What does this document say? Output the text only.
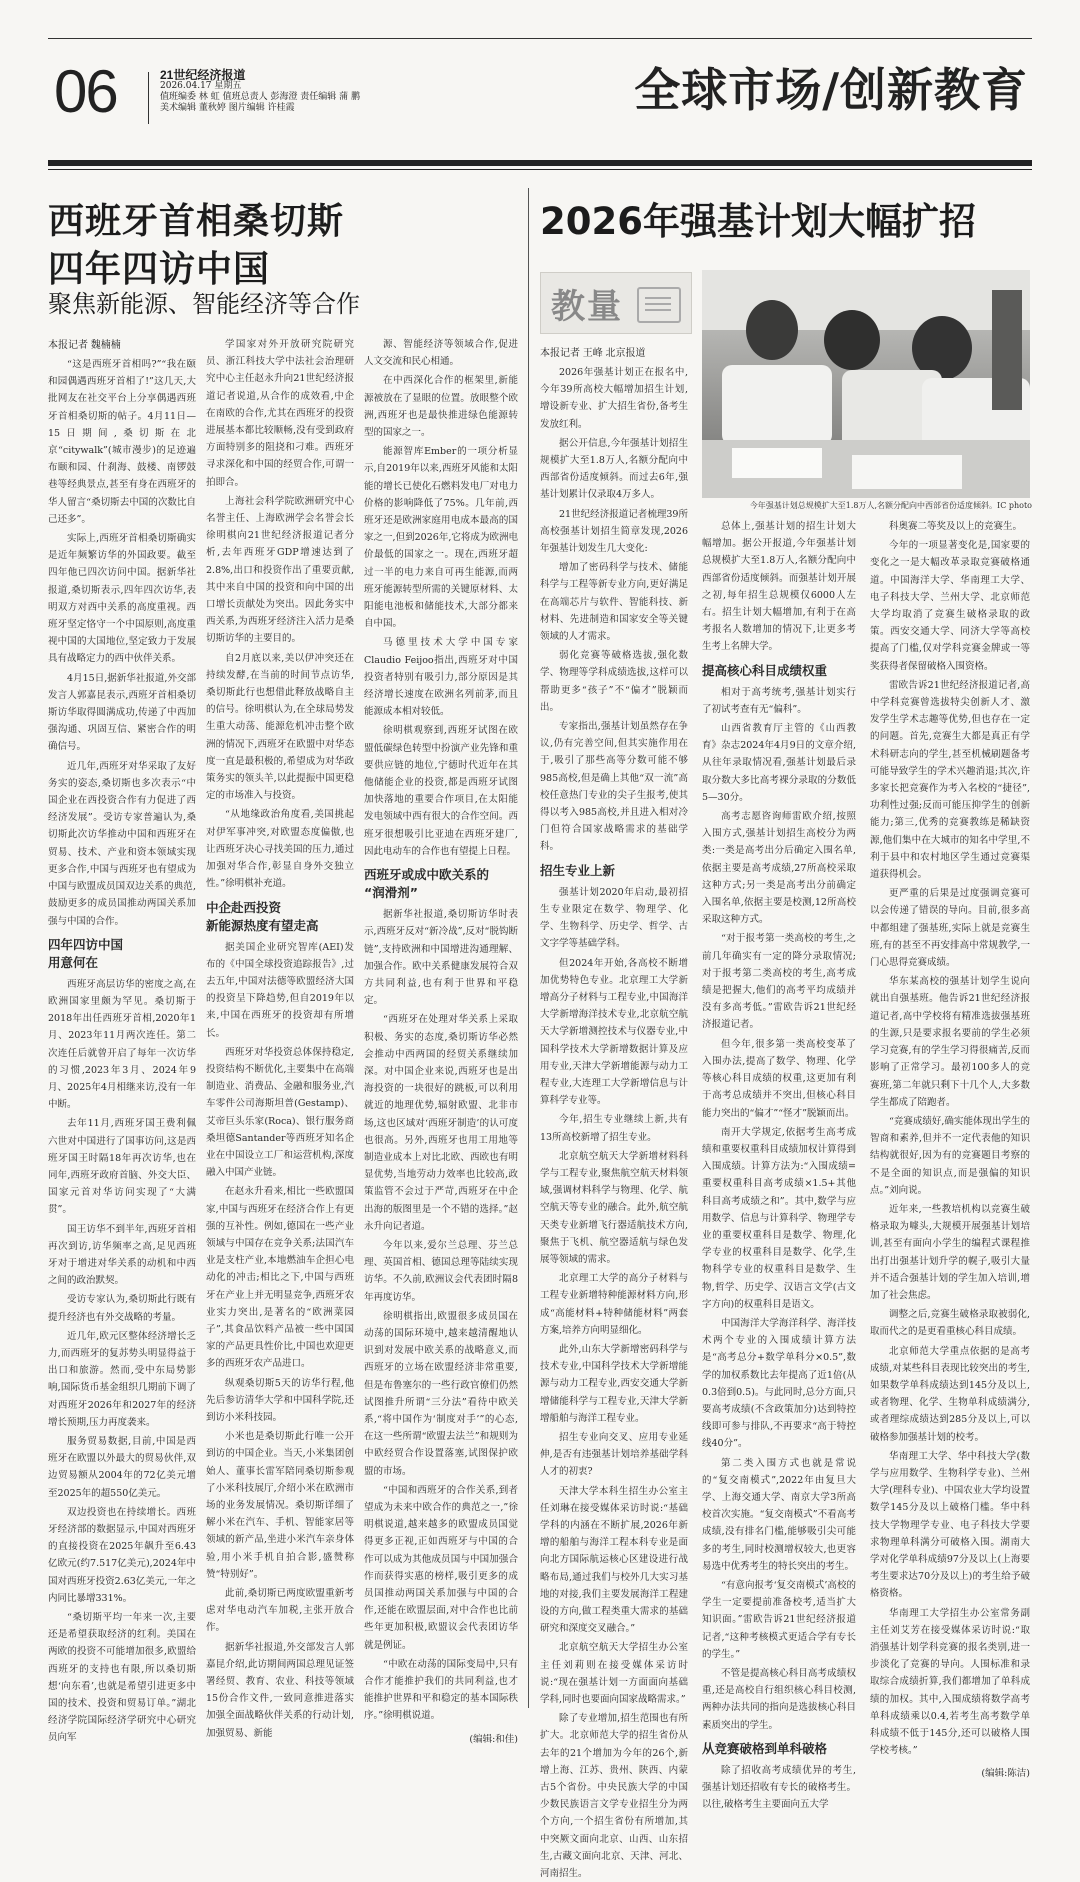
06	21世纪经济报道
2026.04.17 星期五
值班编委 林 虹 值班总责人 彭海澄 责任编辑 蒲 鹏
美术编辑 董秋婷 图片编辑 许桂霞	全球市场/创新教育
西班牙首相桑切斯
四年四访中国
聚焦新能源、智能经济等合作
本报记者 魏楠楠

“这是西班牙首相吗?”“我在颐和园偶遇西班牙首相了!”这几天,大批网友在社交平台上分享偶遇西班牙首相桑切斯的帖子。4月11日—15日期间,桑切斯在北京“citywalk”(城市漫步)的足迹遍布颐和园、什刹海、鼓楼、南锣鼓巷等经典景点,甚至有身在西班牙的华人留言“桑切斯去中国的次数比自己还多”。

实际上,西班牙首相桑切斯确实是近年频繁访华的外国政要。截至四年他已四次访问中国。据新华社报道,桑切斯表示,四年四次访华,表明双方对西中关系的高度重视。西班牙坚定恪守一个中国原则,高度重视中国的大国地位,坚定致力于发展具有战略定力的西中伙伴关系。

4月15日,据新华社报道,外交部发言人郭嘉昆表示,西班牙首相桑切斯访华取得圆满成功,传递了中西加强沟通、巩固互信、紧密合作的明确信号。

近几年,西班牙对华采取了友好务实的姿态,桑切斯也多次表示“中国企业在西投资合作有力促进了西经济发展”。受访专家普遍认为,桑切斯此次访华推动中国和西班牙在贸易、技术、产业和资本领域实现更多合作,中国与西班牙也有望成为中国与欧盟成员国双边关系的典范,鼓励更多的成员国推动两国关系加强与中国的合作。

四年四访中国
用意何在

西班牙高层访华的密度之高,在欧洲国家里颇为罕见。桑切斯于2018年出任西班牙首相,2020年1月、2023年11月两次连任。第二次连任后就曾开启了每年一次访华的习惯,2023年3月、2024年9月、2025年4月相继来访,没有一年中断。

去年11月,西班牙国王费利佩六世对中国进行了国事访问,这是西班牙国王时隔18年再次访华,也在同年,西班牙政府首脑、外交大臣、国家元首对华访问实现了“大满贯”。

国王访华不到半年,西班牙首相再次到访,访华频率之高,足见西班牙对于增进对华关系的动机和中西之间的政治默契。

受访专家认为,桑切斯此行既有提升经济也有外交战略的考量。

近几年,欧元区整体经济增长乏力,而西班牙的复苏势头明显得益于出口和旅游。然而,受中东局势影响,国际货币基金组织几期前下调了对西班牙2026年和2027年的经济增长预期,压力再度袭来。

服务贸易数据,目前,中国是西班牙在欧盟以外最大的贸易伙伴,双边贸易额从2004年的72亿美元增至2025年的超550亿美元。

双边投资也在持续增长。西班牙经济部的数据显示,中国对西班牙的直接投资在2025年飙升至6.43亿欧元(约7.517亿美元),2024年中国对西班牙投资2.63亿美元,一年之内同比暴增331%。

“桑切斯平均一年来一次,主要还是希望获取经济的红利。美国在两欧的投资不可能增加很多,欧盟给西班牙的支持也有限,所以桑切斯想‘向东看’,也就是希望引进更多中国的技术、投资和贸易订单。”湖北经济学院国际经济学研究中心研究员向军

学国家对外开放研究院研究员、浙江科技大学中法社会治理研究中心主任赵永升向21世纪经济报道记者说道,从合作的成效看,中企在南欧的合作,尤其在西班牙的投资进展基本都比较顺畅,没有受到政府方面特别多的阻挠和刁难。西班牙寻求深化和中国的经贸合作,可谓一拍即合。

上海社会科学院欧洲研究中心名誉主任、上海欧洲学会名誉会长徐明棋向21世纪经济报道记者分析,去年西班牙GDP增速达到了2.8%,出口和投资作出了重要贡献,其中来自中国的投资和向中国的出口增长贡献处为突出。因此务实中西关系,为西班牙经济注入活力是桑切斯访华的主要目的。

自2月底以来,美以伊冲突还在持续发酵,在当前的时间节点访华,桑切斯此行也想借此释放战略自主的信号。徐明棋认为,在全球局势发生重大动荡、能源危机冲击整个欧洲的情况下,西班牙在欧盟中对华态度一直是最积极的,希望成为对华政策务实的领头羊,以此提振中国更稳定的市场准入与投资。

“从地缘政治角度看,美国挑起对伊军事冲突,对欧盟态度偏傲,也让西班牙决心寻找美国的压力,通过加强对华合作,彰显自身外交独立性。”徐明棋补充道。

中企赴西投资
新能源热度有望走高

据美国企业研究智库(AEI)发布的《中国全球投资追踪报告》,过去五年,中国对法德等欧盟经济大国的投资呈下降趋势,但自2019年以来,中国在西班牙的投资却有所增长。

西班牙对华投资总体保持稳定,投资结构不断优化,主要集中在高端制造业、消费品、金融和服务业,汽车零件公司海斯坦普(Gestamp)、艾帝巨头乐家(Roca)、银行服务商桑坦德Santander等西班牙知名企业在中国设立工厂和运营机构,深度融入中国产业链。

在赵永升看来,相比一些欧盟国家,中国与西班牙在经济合作上有更强的互补性。例如,德国在一些产业领域与中国存在竞争关系;法国汽车业是支柱产业,本地燃油车企担心电动化的冲击;相比之下,中国与西班牙在产业上并无明显竞争,西班牙农业实力突出,是著名的“欧洲菜园子”,其食品饮料产品被一些中国国家的产品更具性价比,中国也欢迎更多的西班牙农产品进口。

纵观桑切斯5天的访华行程,他先后参访清华大学和中国科学院,还到访小米科技园。

小米也是桑切斯此行唯一公开到访的中国企业。当天,小米集团创始人、董事长雷军陪同桑切斯参观了小米科技展厅,介绍小米在欧洲市场的业务发展情况。桑切斯详细了解小米在汽车、手机、智能家居等领域的新产品,坐进小米汽车亲身体验,用小米手机自拍合影,盛赞称赞“特别好”。

此前,桑切斯已两度欧盟重新考虑对华电动汽车加税,主张开放合作。

据新华社报道,外交部发言人郭嘉昆介绍,此访期间两国总理见证签署经贸、教育、农业、科技等领域15份合作文件,一致同意推进落实加强全面战略伙伴关系的行动计划,加强贸易、新能

源、智能经济等领域合作,促进人文交流和民心相通。

在中西深化合作的框架里,新能源被放在了显眼的位置。放眼整个欧洲,西班牙也是最快推进绿色能源转型的国家之一。

能源智库Ember的一项分析显示,自2019年以来,西班牙风能和太阳能的增长已使化石燃料发电厂对电力价格的影响降低了75%。几年前,西班牙还是欧洲家庭用电成本最高的国家之一,但到2026年,它将成为欧洲电价最低的国家之一。现在,西班牙超过一半的电力来自可再生能源,而两班牙能源转型所需的关键原材料、太阳能电池板和储能技术,大部分都来自中国。

马德里技术大学中国专家Claudio Feijoo指出,西班牙对中国投资者特别有吸引力,部分原因是其经济增长速度在欧洲名列前茅,而且能源成本相对较低。

徐明棋观察到,西班牙试图在欧盟低碳绿色转型中扮演产业先锋和重要供应链的地位,宁德时代近年在其他储能企业的投资,都是西班牙试图加快落地的重要合作项目,在太阳能发电领域中西有很大的合作空间。西班牙很想吸引比亚迪在西班牙建厂,因此电动车的合作也有望提上日程。

西班牙或成中欧关系的
“润滑剂”

据新华社报道,桑切斯访华时表示,西班牙反对“新冷战”,反对“脱钩断链”,支持欧洲和中国增进沟通理解、加强合作。欧中关系健康发展符合双方共同利益,也有利于世界和平稳定。

“西班牙在处理对华关系上采取积极、务实的态度,桑切斯访华必然会推动中西两国的经贸关系继续加深。对中国企业来说,西班牙也是出海投资的一块很好的跳板,可以利用就近的地理优势,辐射欧盟、北非市场,这也区域对‘西班牙制造’的认可度也很高。另外,西班牙也用工用地等制造业成本上对比北欧、西欧也有明显优势,当地劳动力效率也比较高,政策监管不会过于严苛,西班牙在中企出海的版图里是一个不错的选择。”赵永升向记者道。

今年以来,爱尔兰总理、芬兰总理、英国首相、德国总理等陆续实现访华。不久前,欧洲议会代表团时隔8年再度访华。

徐明棋指出,欧盟很多成员国在动荡的国际环境中,越来越清醒地认识到对发展中欧关系的战略意义,而西班牙的立场在欧盟经济非常重要,但是布鲁塞尔的一些行政官僚们仍然试图推升所谓“三分法”看待中欧关系,“将中国作为‘制度对手’”的心态,在这一些所谓“欧盟去法兰”和规则为中欧经贸合作设置落塞,试图保护欧盟的市场。

“中国和西班牙的合作关系,到者望成为未来中欧合作的典范之一,”徐明棋说道,越来越多的欧盟成员国觉得更多正视,正如西班牙与中国的合作可以成为其他成员国与中国加强合作而获得实惠的榜样,吸引更多的成员国推动两国关系加强与中国的合作,还能在欧盟层面,对中合作也比前些年更加积极,欧盟议会代表团访华就是例证。

“中欧在动荡的国际变局中,只有合作才能推护我们的共同利益,也才能推护世界和平和稳定的基本国际秩序。”徐明棋说道。

(编辑:和佳)
2026年强基计划大幅扩招
教量
本报记者 王峰 北京报道
今年强基计划总规模扩大至1.8万人,名额分配向中西部省份适度倾斜。IC photo

2026年强基计划正在报名中,今年39所高校大幅增加招生计划,增设新专业、扩大招生省份,备考生发放红利。

据公开信息,今年强基计划招生规模扩大至1.8万人,名额分配向中西部省份适度倾斜。而过去6年,强基计划累计仅录取4万多人。

21世纪经济报道记者梳理39所高校强基计划招生简章发现,2026年强基计划发生几大变化:

增加了密码科学与技术、储能科学与工程等新专业方向,更好满足在高端芯片与软件、智能科技、新材料、先进制造和国家安全等关键领域的人才需求。

弱化竞赛等破格选拔,强化数学、物理等学科成绩选拔,这样可以帮助更多“孩子”不“偏才”脱颖而出。

专家指出,强基计划虽然存在争议,仍有完善空间,但其实施作用在于,吸引了那些高等分数可能不够985高校,但是确上其他“双一流”高校任意热门专业的尖子生报考,使其得以考入985高校,并且进入相对冷门但符合国家战略需求的基础学科。

招生专业上新

强基计划2020年启动,最初招生专业限定在数学、物理学、化学、生物科学、历史学、哲学、古文字学等基础学科。

但2024年开始,各高校不断增加优势特色专业。北京理工大学新增高分子材料与工程专业,中国海洋大学新增海洋技术专业,北京航空航天大学新增测控技术与仪器专业,中国科学技术大学新增数据计算及应用专业,天津大学新增能源与动力工程专业,大连理工大学新增信息与计算科学专业等。

今年,招生专业继续上新,共有13所高校新增了招生专业。

北京航空航天大学新增材料科学与工程专业,聚焦航空航天材料领域,强调材料科学与物理、化学、航空航天等专业的融合。此外,航空航天类专业新增飞行器适航技术方向,聚焦于飞机、航空器适航与绿色发展等领域的需求。

北京理工大学的高分子材料与工程专业新增特种能源材料方向,形成“高能材料+特种储能材料”两套方案,培养方向明显细化。

此外,山东大学新增密码科学与技术专业,中国科学技术大学新增能源与动力工程专业,西安交通大学新增储能科学与工程专业,天津大学新增船舶与海洋工程专业。

招生专业向交叉、应用专业延伸,是否有违强基计划培养基础学科人才的初衷?

天津大学本科生招生办公室主任刘琳在接受媒体采访时说:“基础学科的内涵在不断扩展,2026年新增的船舶与海洋工程本科专业是面向北方国际航运核心区建设进行战略布局,通过我们与校外几大实习基地的对接,我们主要发展海洋工程建设的方向,做工程类重大需求的基础研究和深度交叉融合。”

北京航空航天大学招生办公室主任刘莉则在接受媒体采访时说:“现在强基计划一方面面向基础学科,同时也要面向国家战略需求。”

除了专业增加,招生范围也有所扩大。北京师范大学的招生省份从去年的21个增加为今年的26个,新增上海、江苏、贵州、陕西、内蒙古5个省份。中央民族大学的中国少数民族语言文学专业招生分为两个方向,一个招生省份有所增加,其中突厥文面向北京、山西、山东招生,古藏文面向北京、天津、河北、河南招生。

总体上,强基计划的招生计划大幅增加。据公开报道,今年强基计划总规模扩大至1.8万人,名额分配向中西部省份适度倾斜。而强基计划开展之初,每年招生总规模仅6000人左右。招生计划大幅增加,有利于在高考报名人数增加的情况下,让更多考生考上名牌大学。

提高核心科目成绩权重

相对于高考统考,强基计划实行了初试考查有无“偏科”。

山西省教育厅主管的《山西教育》杂志2024年4月9日的文章介绍,从往年录取情况看,强基计划最后录取分数大多比高考裸分录取的分数低5—30分。

高考志愿咨询师雷欧介绍,按照入围方式,强基计划招生高校分为两类:一类是高考出分后确定入围名单,依据主要是高考成绩,27所高校采取这种方式;另一类是高考出分前确定入围名单,依据主要是校测,12所高校采取这种方式。

“对于报考第一类高校的考生,之前几年确实有一定的降分录取情况;对于报考第二类高校的考生,高考成绩是把握大,他们的高考平均成绩并没有多高考低。”雷欧告诉21世纪经济报道记者。

但今年,很多第一类高校变革了入围办法,提高了数学、物理、化学等核心科目成绩的权重,这更加有利于高考总成绩并不突出,但核心科目能力突出的“偏才”“怪才”脱颖而出。

南开大学规定,依据考生高考成绩和重要权重科目成绩加权计算得到入围成绩。计算方法为:“入围成绩=重要权重科目高考成绩×1.5+其他科目高考成绩之和”。其中,数学与应用数学、信息与计算科学、物理学专业的重要权重科目是数学、物理,化学专业的权重科目是数学、化学,生物科学专业的权重科目是数学、生物,哲学、历史学、汉语言文学(古文字方向)的权重科目是语文。

中国海洋大学海洋科学、海洋技术两个专业的入围成绩计算方法是“高考总分+数学单科分×0.5”,数学的加权系数比去年提高了近1倍(从0.3倍到0.5)。与此同时,总分方面,只要高考成绩(不含政策加分)达到特控线即可参与排队,不再要求“高于特控线40分”。

第二类入围方式也就是常说的“复交南模式”,2022年由复旦大学、上海交通大学、南京大学3所高校首次实施。“复交南模式”不看高考成绩,没有排名门槛,能够吸引尖可能多的考生,同时校测增权较大,也更容易选中优秀考生的特长突出的考生。

“有意向报考‘复交南模式’高校的学生一定要提前准备校考,适当扩大知识面。”雷欧告诉21世纪经济报道记者,“这种考核模式更适合学有专长的学生。”

不管是提高核心科目高考成绩权重,还是高校自行组织核心科目校测,两种办法共同的指向是选拔核心科目素质突出的学生。

从竞赛破格到单科破格

除了招收高考成绩优异的考生,强基计划还招收有专长的破格考生。以往,破格考生主要面向五大学

科奥赛二等奖及以上的竞赛生。

今年的一项显著变化是,国家要的变化之一是大幅改革录取竞赛破格通道。中国海洋大学、华南理工大学、电子科技大学、兰州大学、北京师范大学均取消了竞赛生破格录取的政策。西安交通大学、同济大学等高校提高了门槛,仅对学科竞赛金牌或一等奖获得者保留破格入围资格。

雷欧告诉21世纪经济报道记者,高中学科竞赛曾选拔特尖创新人才、激发学生学术志趣等优势,但也存在一定的问题。首先,竞赛生大都是真正有学术科研志向的学生,甚至机械刷题备考可能导致学生的学术兴趣消退;其次,许多家长把竞赛作为考入名校的“捷径”,功利性过强;反而可能压抑学生的创新能力;第三,优秀的竞赛教练是稀缺资源,他们集中在大城市的知名中学里,不利于县中和农村地区学生通过竞赛渠道获得机会。

更严重的后果是过度强调竞赛可以会传递了错误的导向。目前,很多高中都组建了强基班,实际上就是竞赛生班,有的甚至不再安排高中常规教学,一门心思得竞赛成绩。

华东某高校的强基计划学生说向就出自强基班。他告诉21世纪经济报道记者,高中学校将有精准选拔强基班的生源,只是要求报名要前的学生必须学习竞赛,有的学生学习得很痛苦,反而影响了正常学习。最初100多人的竞赛班,第二年就只剩下十几个人,大多数学生都成了陪跑者。

“竞赛成绩好,确实能体现出学生的智商和素养,但并不一定代表他的知识结构就很好,因为有的竞赛题目考察的不是全面的知识点,而是强偏的知识点。”刘向说。

近年来,一些教培机构以竞赛生破格录取为噱头,大规模开展强基计划培训,甚至有面向小学生的编程式课程推出打出强基计划升学的幌子,吸引大量并不适合强基计划的学生加入培训,增加了社会焦虑。

调整之后,竞赛生破格录取被弱化,取而代之的是更看重核心科目成绩。

北京师范大学重点依据的是高考成绩,对某些科目表现比较突出的考生,如果数学单科成绩达到145分及以上,或者物理、化学、生物单科成绩满分,或者理综成绩达到285分及以上,可以破格参加强基计划的校考。

华南理工大学、华中科技大学(数学与应用数学、生物科学专业)、兰州大学(理科专业)、中国农业大学均设置数学145分及以上破格门槛。华中科技大学物理学专业、电子科技大学要求物理单科满分可破格入围。湖南大学对化学单科成绩97分及以上(上海要考生要求达70分及以上)的考生给予破格资格。

华南理工大学招生办公室常务副主任刘艾芳在接受媒体采访时说:“取消强基计划学科竞赛的报名类别,进一步淡化了竞赛的导向。人围标准和录取综合成绩折算,我们都增加了单科成绩的加权。其中,入围成绩将数学高考单科成绩乘以0.4,若考生高考数学单科成绩不低于145分,还可以破格人围学校考核。”

(编辑:陈洁)
